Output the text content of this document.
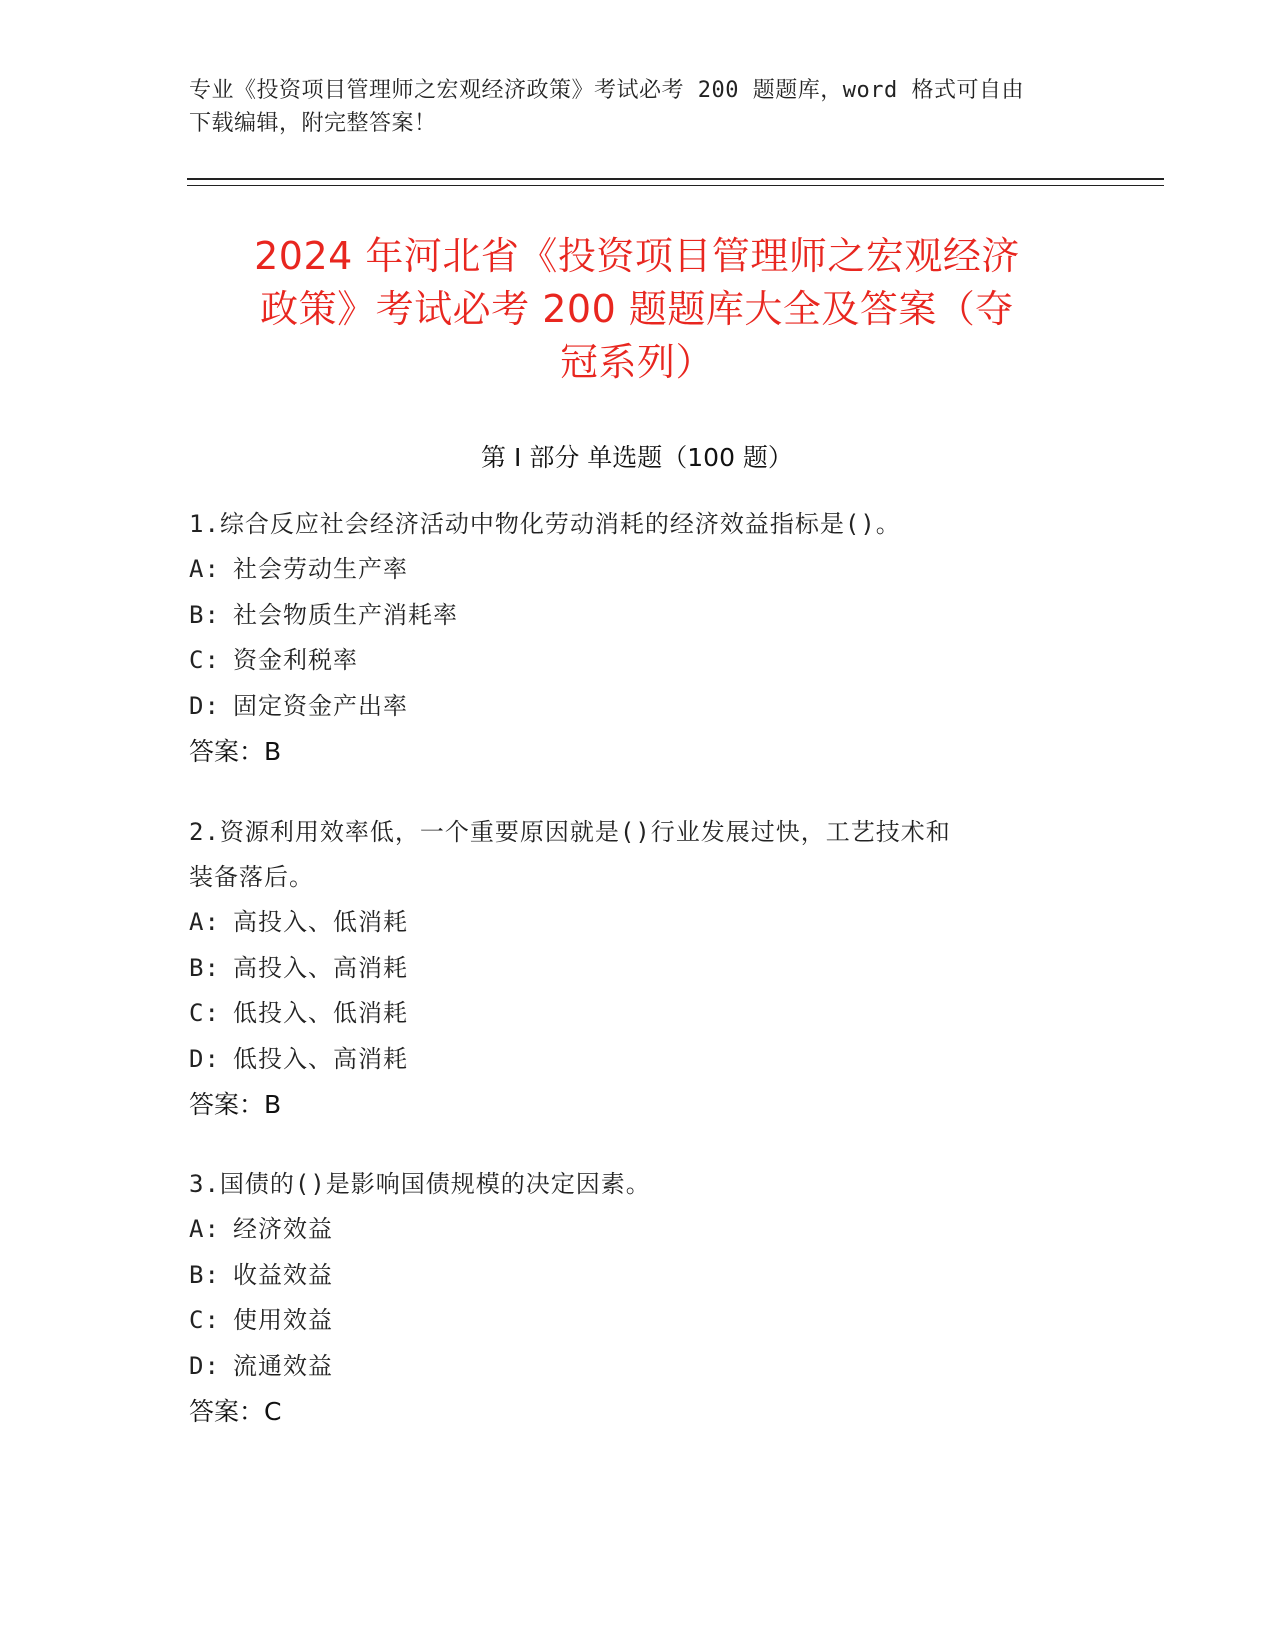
专业《投资项目管理师之宏观经济政策》考试必考 200 题题库，word 格式可自由
下载编辑，附完整答案！
2024 年河北省《投资项目管理师之宏观经济
政策》考试必考 200 题题库大全及答案（夺
冠系列）
第 I 部分 单选题（100 题）
1.综合反应社会经济活动中物化劳动消耗的经济效益指标是()。
A: 社会劳动生产率
B: 社会物质生产消耗率
C: 资金利税率
D: 固定资金产出率
答案：B
2.资源利用效率低，一个重要原因就是()行业发展过快，工艺技术和
装备落后。
A: 高投入、低消耗
B: 高投入、高消耗
C: 低投入、低消耗
D: 低投入、高消耗
答案：B
3.国债的()是影响国债规模的决定因素。
A: 经济效益
B: 收益效益
C: 使用效益
D: 流通效益
答案：C
